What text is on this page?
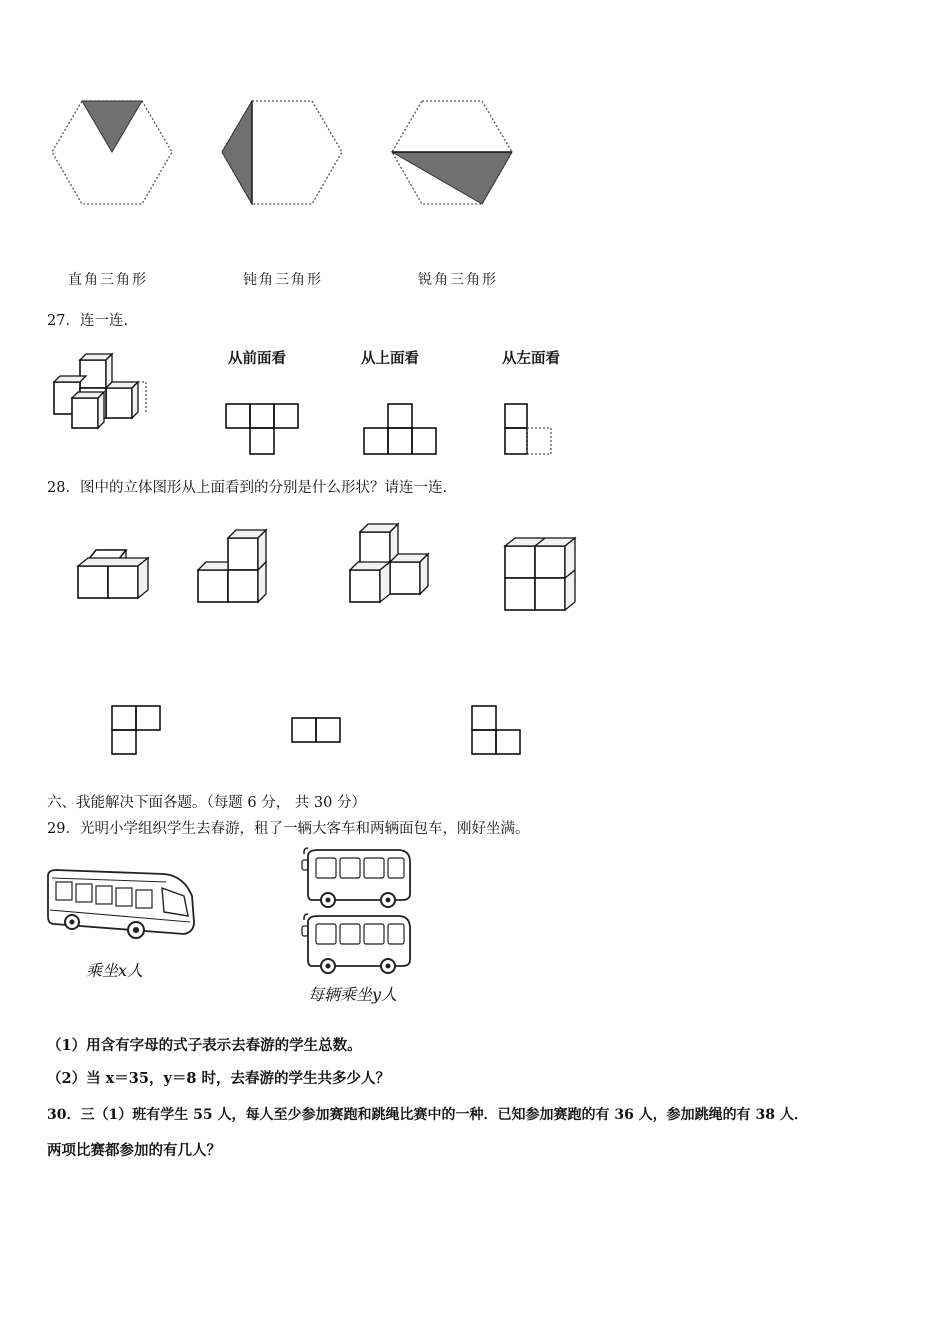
直角三角形	钝角三角形	锐角三角形
27．连一连.
从前面看	从上面看	从左面看
28．图中的立体图形从上面看到的分别是什么形状？请连一连.
六、我能解决下面各题。（每题 6 分， 共 30 分）
29．光明小学组织学生去春游，租了一辆大客车和两辆面包车，刚好坐满。
乘坐x人
每辆乘坐y人
（1）用含有字母的式子表示去春游的学生总数。
（2）当 x＝35，y＝8 时，去春游的学生共多少人？
30．三（1）班有学生 55 人，每人至少参加赛跑和跳绳比赛中的一种．已知参加赛跑的有 36 人，参加跳绳的有 38 人．
两项比赛都参加的有几人？
